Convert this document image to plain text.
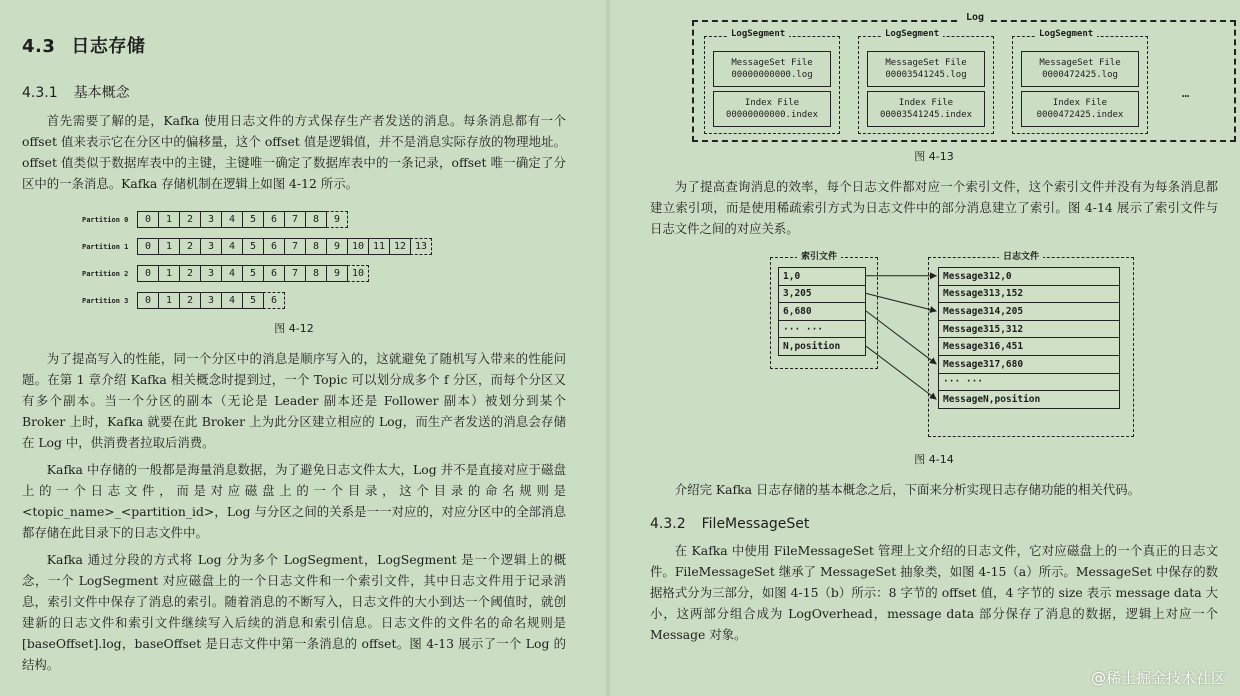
4.3 日志存储
4.3.1 基本概念

首先需要了解的是，Kafka 使用日志文件的方式保存生产者发送的消息。每条消息都有一个 offset 值来表示它在分区中的偏移量，这个 offset 值是逻辑值，并不是消息实际存放的物理地址。offset 值类似于数据库表中的主键，主键唯一确定了数据库表中的一条记录，offset 唯一确定了分区中的一条消息。Kafka 存储机制在逻辑上如图 4-12 所示。

Partition 0	0	1	2	3	4	5	6	7	8	9
Partition 1	0	1	2	3	4	5	6	7	8	9	10 11 12 13
Partition 2	0	1	2	3	4	5	6	7	8	9	10
Partition 3	0	1	2	3	4	5	6
图 4-12

为了提高写入的性能，同一个分区中的消息是顺序写入的，这就避免了随机写入带来的性能问题。在第 1 章介绍 Kafka 相关概念时提到过，一个 Topic 可以划分成多个 f 分区，而每个分区又有多个副本。当一个分区的副本（无论是 Leader 副本还是 Follower 副本）被划分到某个 Broker 上时，Kafka 就要在此 Broker 上为此分区建立相应的 Log，而生产者发送的消息会存储在 Log 中，供消费者拉取后消费。

Kafka 中存储的一般都是海量消息数据，为了避免日志文件太大，Log 并不是直接对应于磁盘上的一个日志文件，而是对应磁盘上的一个目录，这个目录的命名规则是<topic_name>_<partition_id>，Log 与分区之间的关系是一一对应的，对应分区中的全部消息都存储在此目录下的日志文件中。

Kafka 通过分段的方式将 Log 分为多个 LogSegment，LogSegment 是一个逻辑上的概念，一个 LogSegment 对应磁盘上的一个日志文件和一个索引文件，其中日志文件用于记录消息，索引文件中保存了消息的索引。随着消息的不断写入，日志文件的大小到达一个阈值时，就创建新的日志文件和索引文件继续写入后续的消息和索引信息。日志文件的文件名的命名规则是 [baseOffset].log，baseOffset 是日志文件中第一条消息的 offset。图 4-13 展示了一个 Log 的结构。

Log
LogSegment
MessageSet File
00000000000.log
Index File
00000000000.index
LogSegment
MessageSet File
00003541245.log
Index File
00003541245.index
LogSegment
MessageSet File
0000472425.log
Index File
0000472425.index
…
图 4-13

为了提高查询消息的效率，每个日志文件都对应一个索引文件，这个索引文件并没有为每条消息都建立索引项，而是使用稀疏索引方式为日志文件中的部分消息建立了索引。图 4-14 展示了索引文件与日志文件之间的对应关系。

索引文件	日志文件
1,0
3,205
6,680
··· ···
N,position
Message312,0
Message313,152
Message314,205
Message315,312
Message316,451
Message317,680
··· ···
MessageN,position
图 4-14

介绍完 Kafka 日志存储的基本概念之后，下面来分析实现日志存储功能的相关代码。

4.3.2 FileMessageSet

在 Kafka 中使用 FileMessageSet 管理上文介绍的日志文件，它对应磁盘上的一个真正的日志文件。FileMessageSet 继承了 MessageSet 抽象类，如图 4-15（a）所示。MessageSet 中保存的数据格式分为三部分，如图 4-15（b）所示：8 字节的 offset 值，4 字节的 size 表示 message data 大小，这两部分组合成为 LogOverhead，message data 部分保存了消息的数据，逻辑上对应一个 Message 对象。

@稀土掘金技术社区
